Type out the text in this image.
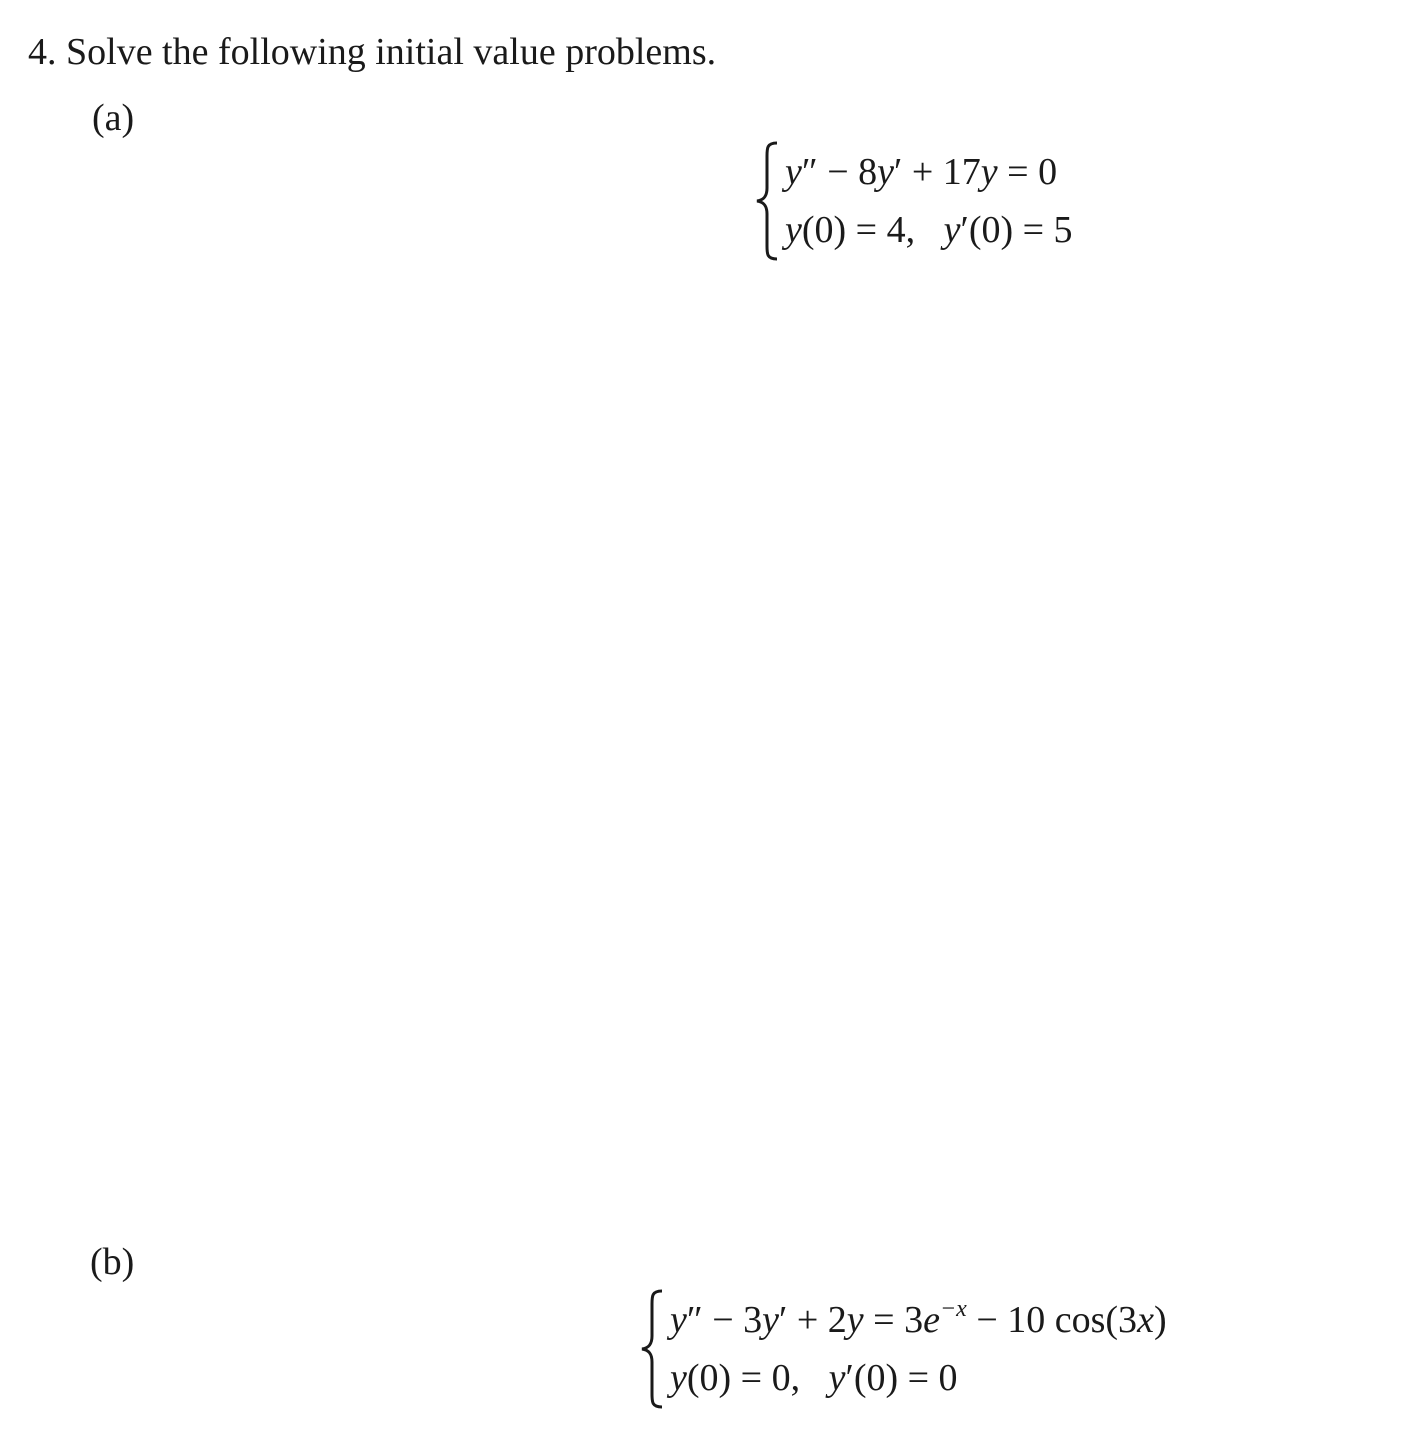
4. Solve the following initial value problems.
(a)
y″ − 8y′ + 17y = 0
y(0) = 4,   y′(0) = 5
(b)
$y'' - 3y' + 2y = 3e^{-x} - 10$ cos(3x)
y(0) = 0,   y′(0) = 0
